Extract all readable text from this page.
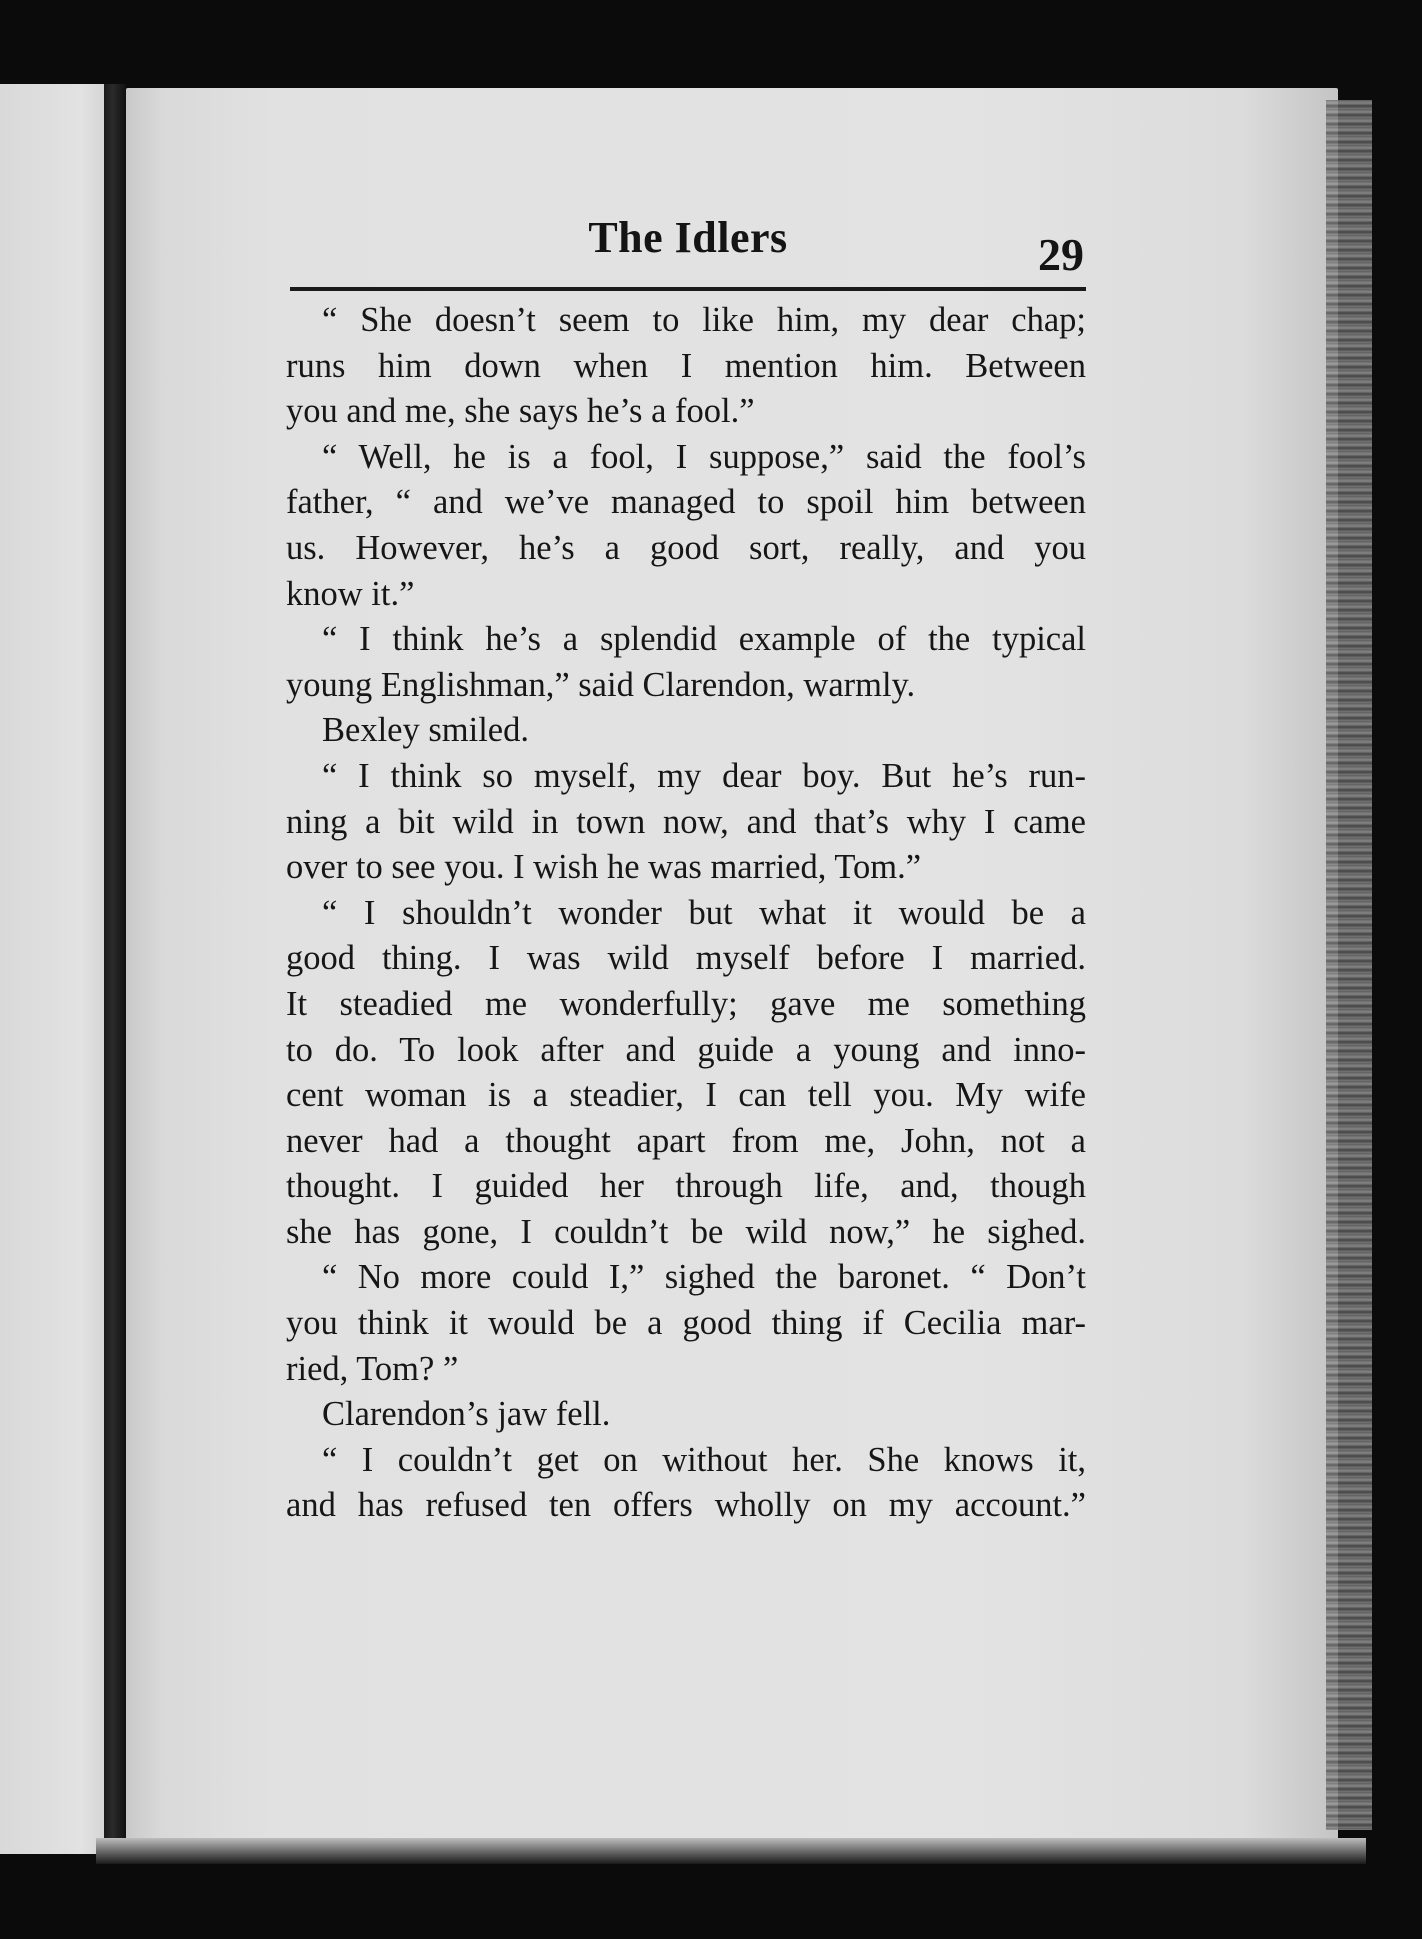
The Idlers	29
“ She doesn’t seem to like him, my dear chap;
runs him down when I mention him. Between
you and me, she says he’s a fool.”
“ Well, he is a fool, I suppose,” said the fool’s
father, “ and we’ve managed to spoil him between
us. However, he’s a good sort, really, and you
know it.”
“ I think he’s a splendid example of the typical
young Englishman,” said Clarendon, warmly.
Bexley smiled.
“ I think so myself, my dear boy. But he’s run-
ning a bit wild in town now, and that’s why I came
over to see you. I wish he was married, Tom.”
“ I shouldn’t wonder but what it would be a
good thing. I was wild myself before I married.
It steadied me wonderfully; gave me something
to do. To look after and guide a young and inno-
cent woman is a steadier, I can tell you. My wife
never had a thought apart from me, John, not a
thought. I guided her through life, and, though
she has gone, I couldn’t be wild now,” he sighed.
“ No more could I,” sighed the baronet. “ Don’t
you think it would be a good thing if Cecilia mar-
ried, Tom? ”
Clarendon’s jaw fell.
“ I couldn’t get on without her. She knows it,
and has refused ten offers wholly on my account.”
